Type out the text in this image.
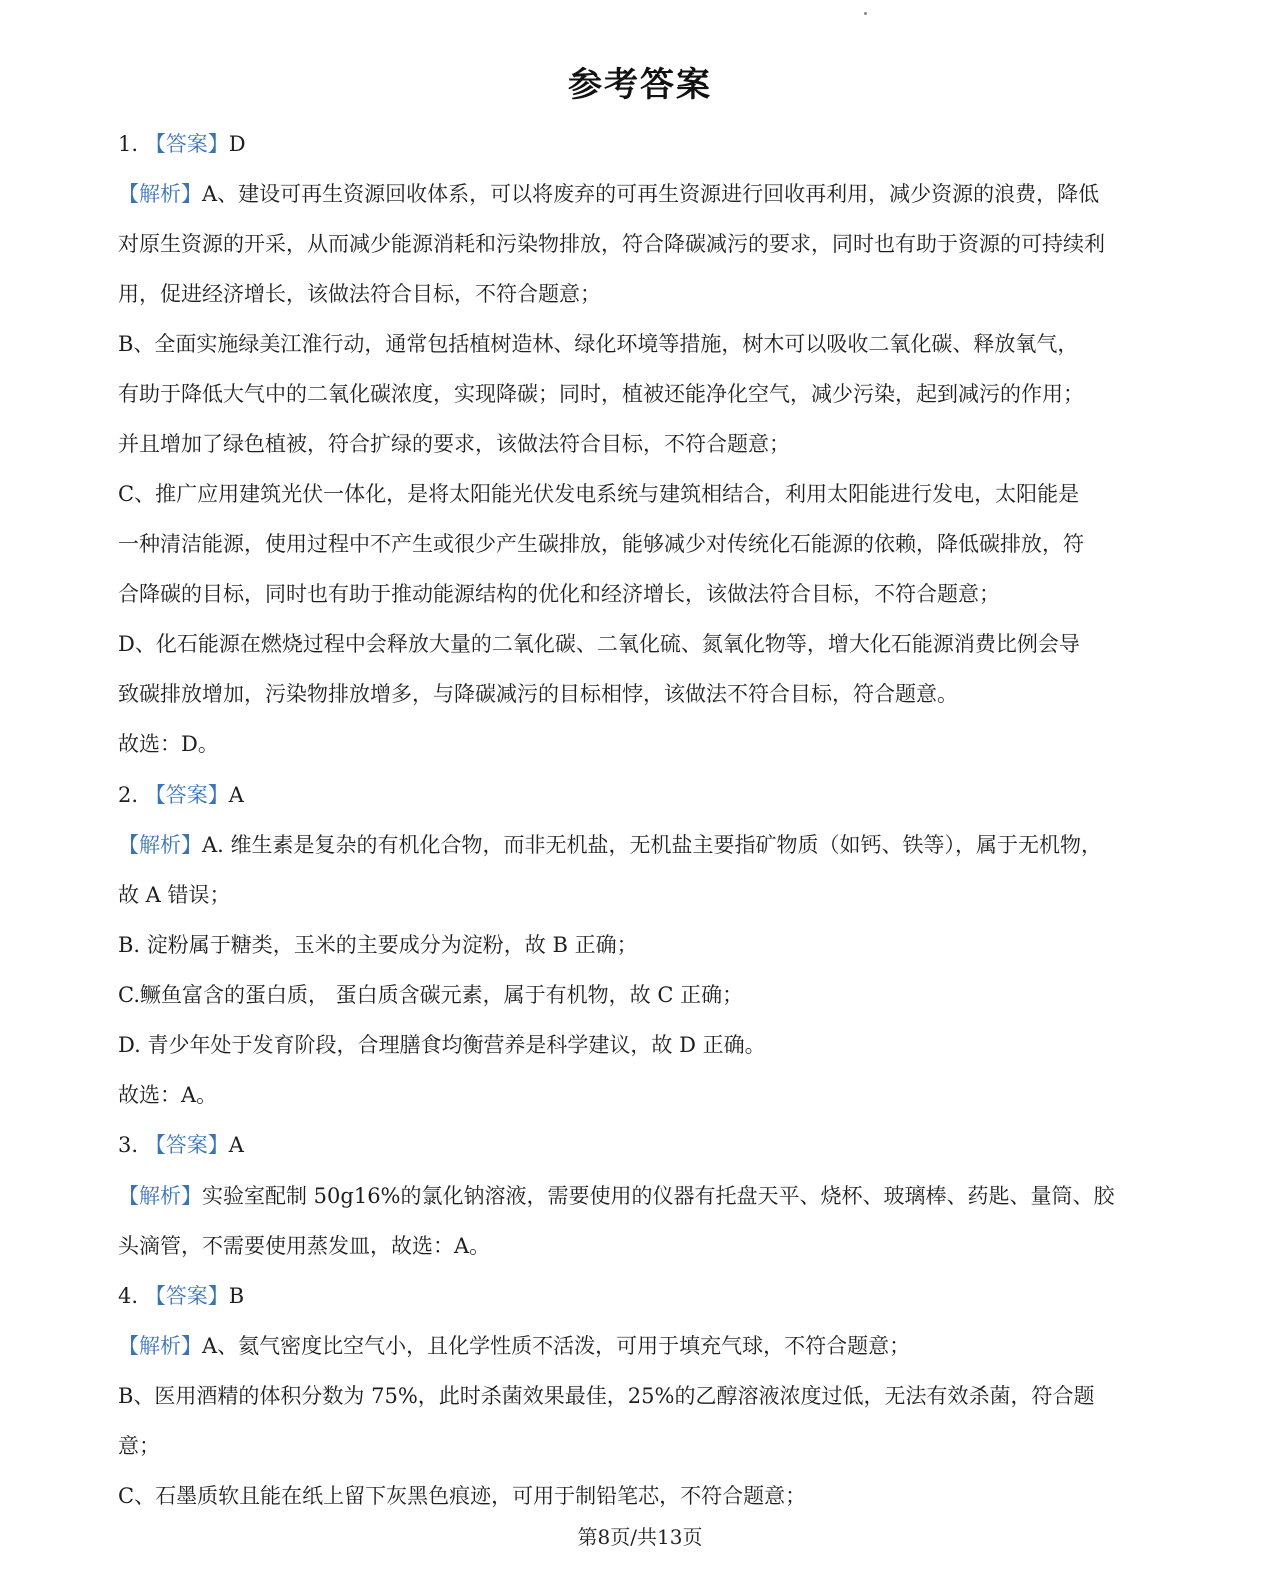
参考答案
1. 【答案】D
【解析】A、建设可再生资源回收体系，可以将废弃的可再生资源进行回收再利用，减少资源的浪费，降低
对原生资源的开采，从而减少能源消耗和污染物排放，符合降碳减污的要求，同时也有助于资源的可持续利
用，促进经济增长，该做法符合目标，不符合题意；
B、全面实施绿美江淮行动，通常包括植树造林、绿化环境等措施，树木可以吸收二氧化碳、释放氧气，
有助于降低大气中的二氧化碳浓度，实现降碳；同时，植被还能净化空气，减少污染，起到减污的作用；
并且增加了绿色植被，符合扩绿的要求，该做法符合目标，不符合题意；
C、推广应用建筑光伏一体化，是将太阳能光伏发电系统与建筑相结合，利用太阳能进行发电，太阳能是
一种清洁能源，使用过程中不产生或很少产生碳排放，能够减少对传统化石能源的依赖，降低碳排放，符
合降碳的目标，同时也有助于推动能源结构的优化和经济增长，该做法符合目标，不符合题意；
D、化石能源在燃烧过程中会释放大量的二氧化碳、二氧化硫、氮氧化物等，增大化石能源消费比例会导
致碳排放增加，污染物排放增多，与降碳减污的目标相悖，该做法不符合目标，符合题意。
故选：D。
2. 【答案】A
【解析】A. 维生素是复杂的有机化合物，而非无机盐，无机盐主要指矿物质（如钙、铁等），属于无机物，
故 A 错误；
B. 淀粉属于糖类，玉米的主要成分为淀粉，故 B 正确；
C.鳜鱼富含的蛋白质， 蛋白质含碳元素，属于有机物，故 C 正确；
D. 青少年处于发育阶段，合理膳食均衡营养是科学建议，故 D 正确。
故选：A。
3. 【答案】A
【解析】实验室配制 50g16%的氯化钠溶液，需要使用的仪器有托盘天平、烧杯、玻璃棒、药匙、量筒、胶
头滴管，不需要使用蒸发皿，故选：A。
4. 【答案】B
【解析】A、氦气密度比空气小，且化学性质不活泼，可用于填充气球，不符合题意；
B、医用酒精的体积分数为 75%，此时杀菌效果最佳，25%的乙醇溶液浓度过低，无法有效杀菌，符合题
意；
C、石墨质软且能在纸上留下灰黑色痕迹，可用于制铅笔芯，不符合题意；
第8页/共13页
